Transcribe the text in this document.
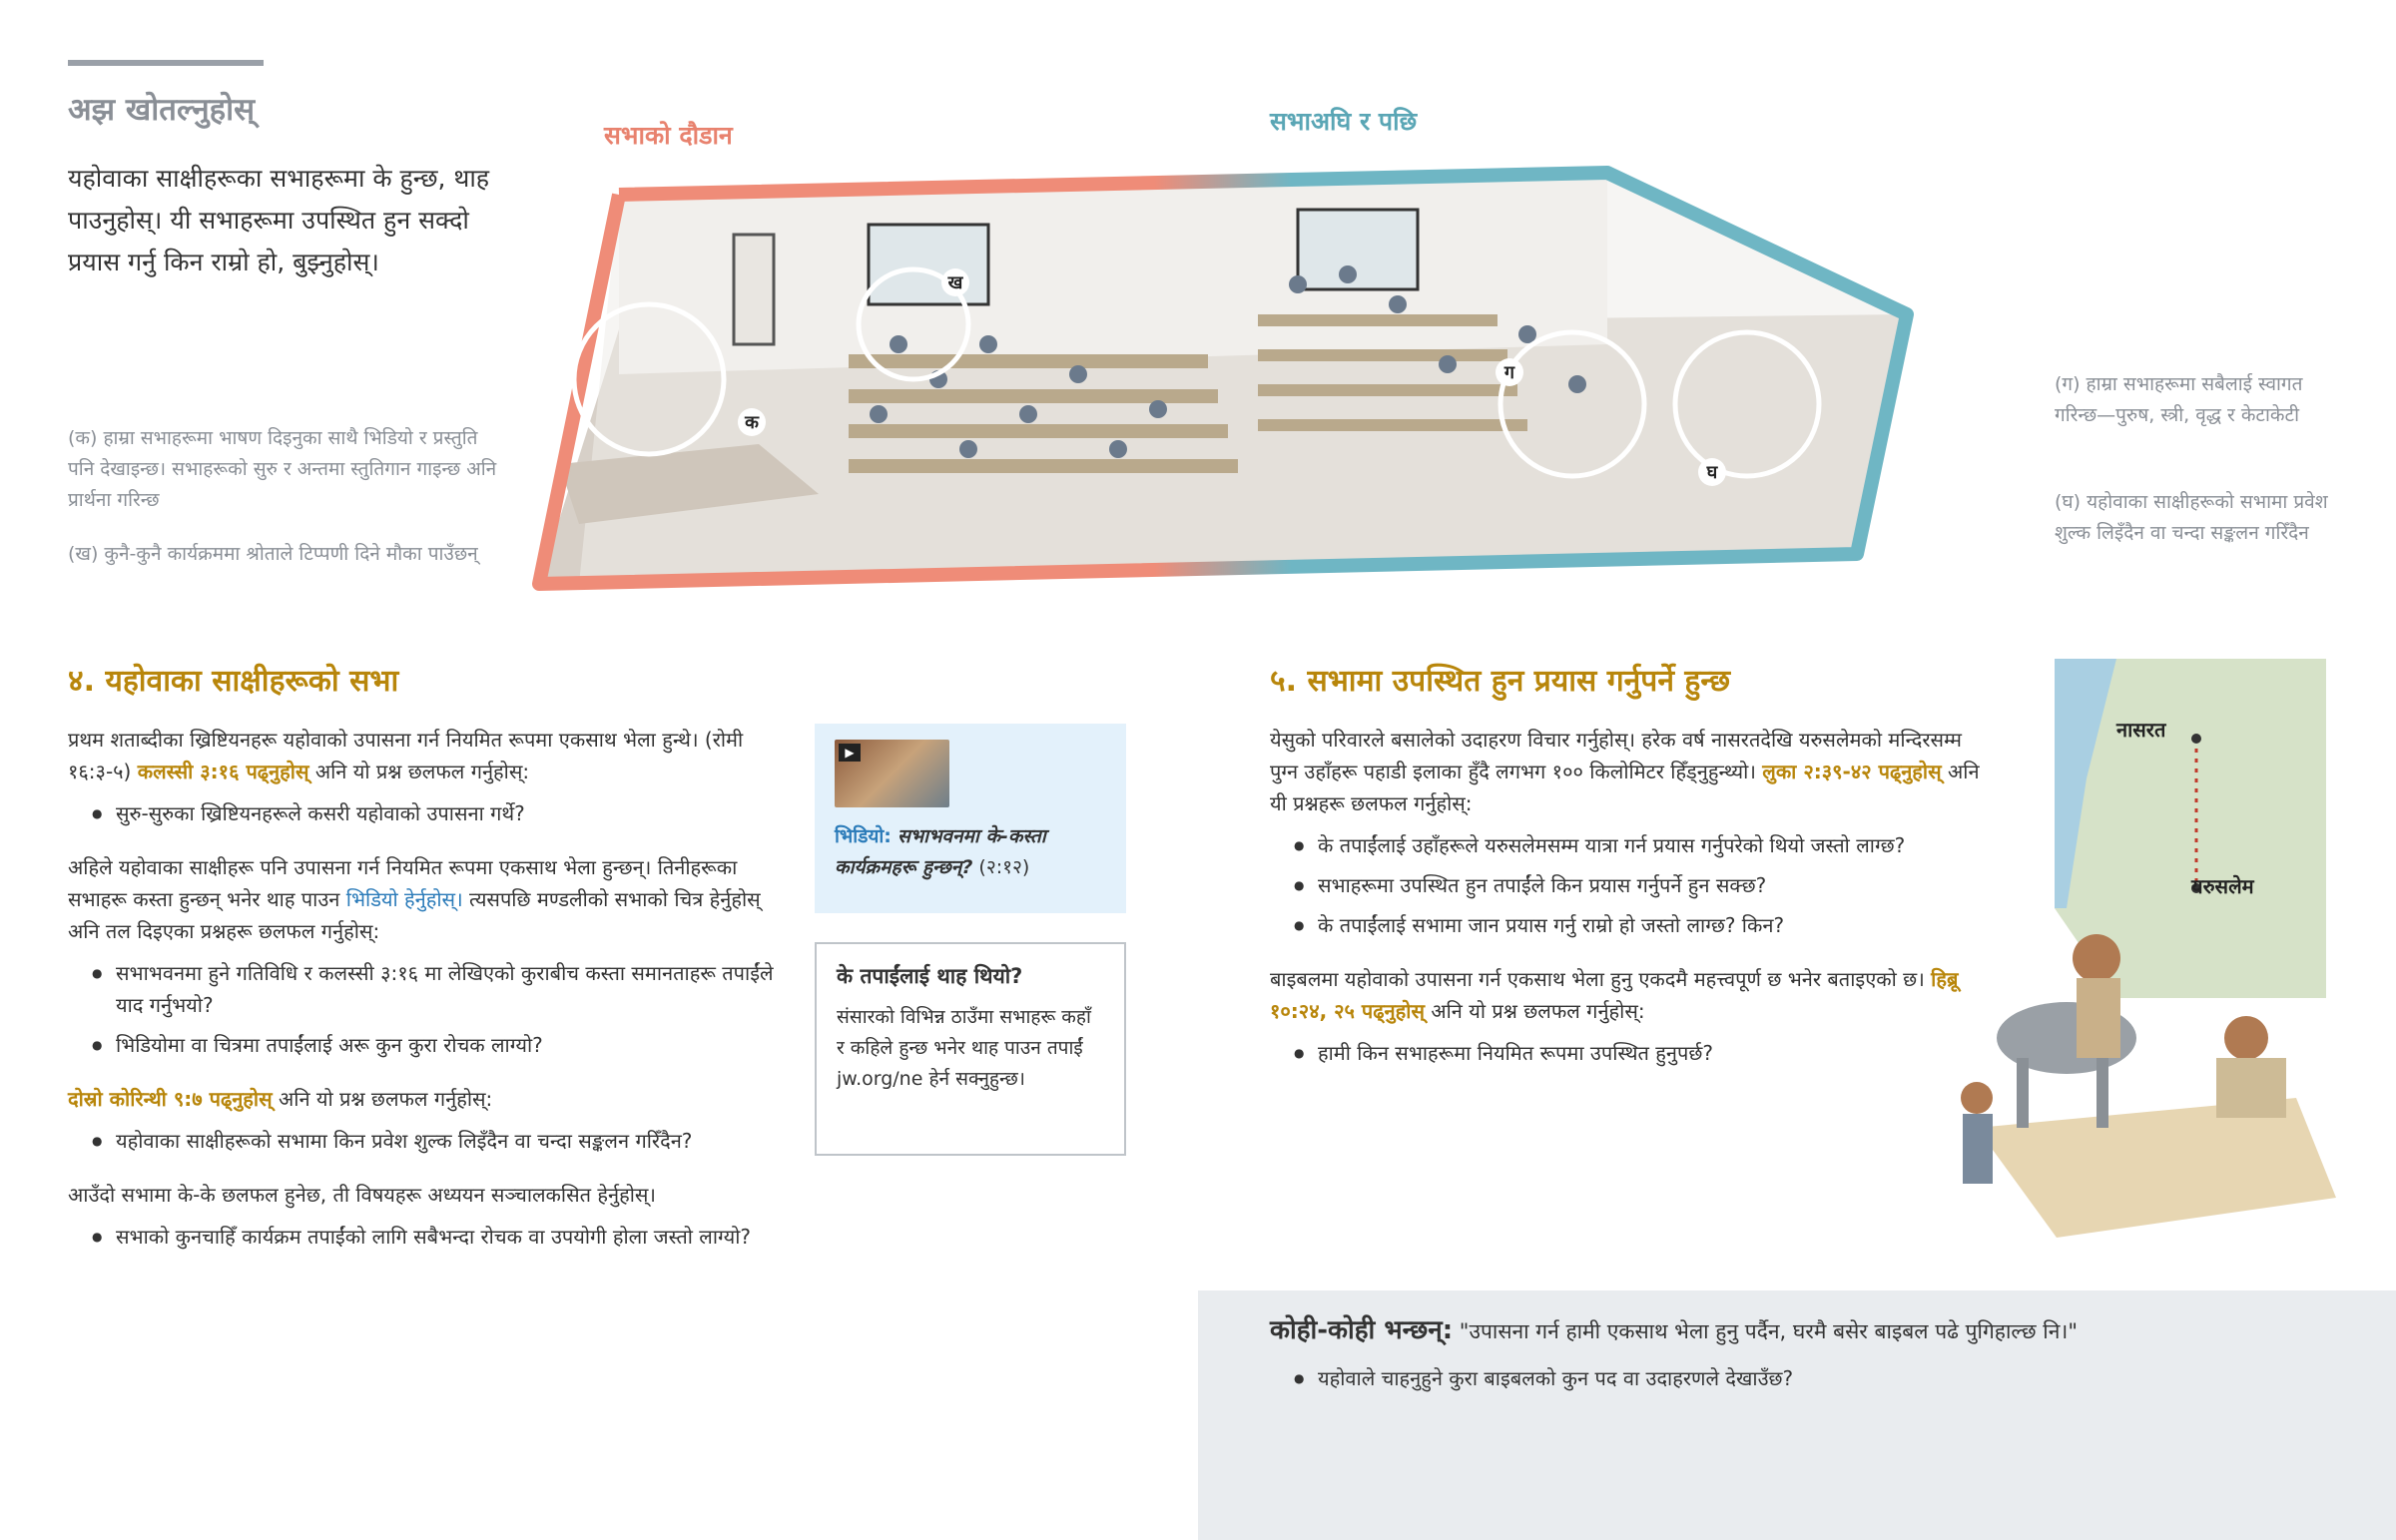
अझ खोतल्नुहोस्
यहोवाका साक्षीहरूका सभाहरूमा के हुन्छ, थाह पाउनुहोस्। यी सभाहरूमा उपस्थित हुन सक्दो प्रयास गर्नु किन राम्रो हो, बुझ्नुहोस्।
(क) हाम्रा सभाहरूमा भाषण दिइनुका साथै भिडियो र प्रस्तुति पनि देखाइन्छ। सभाहरूको सुरु र अन्तमा स्तुतिगान गाइन्छ अनि प्रार्थना गरिन्छ
(ख) कुनै-कुनै कार्यक्रममा श्रोताले टिप्पणी दिने मौका पाउँछन्
(ग) हाम्रा सभाहरूमा सबैलाई स्वागत गरिन्छ—पुरुष, स्त्री, वृद्ध र केटाकेटी
(घ) यहोवाका साक्षीहरूको सभामा प्रवेश शुल्क लिइँदैन वा चन्दा सङ्कलन गरिँदैन
सभाको दौडान	सभाअघि र पछि
क
ख
ग
घ
४. यहोवाका साक्षीहरूको सभा

प्रथम शताब्दीका ख्रिष्टियनहरू यहोवाको उपासना गर्न नियमित रूपमा एकसाथ भेला हुन्थे। (रोमी १६:३-५) कलस्सी ३:१६ पढ्नुहोस् अनि यो प्रश्न छलफल गर्नुहोस्:

● सुरु-सुरुका ख्रिष्टियनहरूले कसरी यहोवाको उपासना गर्थे?

अहिले यहोवाका साक्षीहरू पनि उपासना गर्न नियमित रूपमा एकसाथ भेला हुन्छन्। तिनीहरूका सभाहरू कस्ता हुन्छन् भनेर थाह पाउन भिडियो हेर्नुहोस्। त्यसपछि मण्डलीको सभाको चित्र हेर्नुहोस् अनि तल दिइएका प्रश्नहरू छलफल गर्नुहोस्:

● सभाभवनमा हुने गतिविधि र कलस्सी ३:१६ मा लेखिएको कुराबीच कस्ता समानताहरू तपाईंले याद गर्नुभयो?
● भिडियोमा वा चित्रमा तपाईंलाई अरू कुन कुरा रोचक लाग्यो?

दोस्रो कोरिन्थी ९:७ पढ्नुहोस् अनि यो प्रश्न छलफल गर्नुहोस्:

● यहोवाका साक्षीहरूको सभामा किन प्रवेश शुल्क लिइँदैन वा चन्दा सङ्कलन गरिँदैन?

आउँदो सभामा के-के छलफल हुनेछ, ती विषयहरू अध्ययन सञ्चालकसित हेर्नुहोस्।

● सभाको कुनचाहिँ कार्यक्रम तपाईंको लागि सबैभन्दा रोचक वा उपयोगी होला जस्तो लाग्यो?
▶
भिडियो: सभाभवनमा के-कस्ता कार्यक्रमहरू हुन्छन्? (२:१२)
के तपाईंलाई थाह थियो?
संसारको विभिन्न ठाउँमा सभाहरू कहाँ र कहिले हुन्छ भनेर थाह पाउन तपाईं jw.org/ne हेर्न सक्नुहुन्छ।
५. सभामा उपस्थित हुन प्रयास गर्नुपर्ने हुन्छ

येसुको परिवारले बसालेको उदाहरण विचार गर्नुहोस्। हरेक वर्ष नासरतदेखि यरुसलेमको मन्दिरसम्म पुग्न उहाँहरू पहाडी इलाका हुँदै लगभग १०० किलोमिटर हिँड्नुहुन्थ्यो। लुका २:३९-४२ पढ्नुहोस् अनि यी प्रश्नहरू छलफल गर्नुहोस्:

● के तपाईंलाई उहाँहरूले यरुसलेमसम्म यात्रा गर्न प्रयास गर्नुपरेको थियो जस्तो लाग्छ?
● सभाहरूमा उपस्थित हुन तपाईंले किन प्रयास गर्नुपर्ने हुन सक्छ?
● के तपाईंलाई सभामा जान प्रयास गर्नु राम्रो हो जस्तो लाग्छ? किन?

बाइबलमा यहोवाको उपासना गर्न एकसाथ भेला हुनु एकदमै महत्त्वपूर्ण छ भनेर बताइएको छ। हिब्रू १०:२४, २५ पढ्नुहोस् अनि यो प्रश्न छलफल गर्नुहोस्:

● हामी किन सभाहरूमा नियमित रूपमा उपस्थित हुनुपर्छ?
नासरत
यरुसलेम
कोही-कोही भन्छन्: "उपासना गर्न हामी एकसाथ भेला हुनु पर्दैन, घरमै बसेर बाइबल पढे पुगिहाल्छ नि।"
● यहोवाले चाहनुहुने कुरा बाइबलको कुन पद वा उदाहरणले देखाउँछ?
